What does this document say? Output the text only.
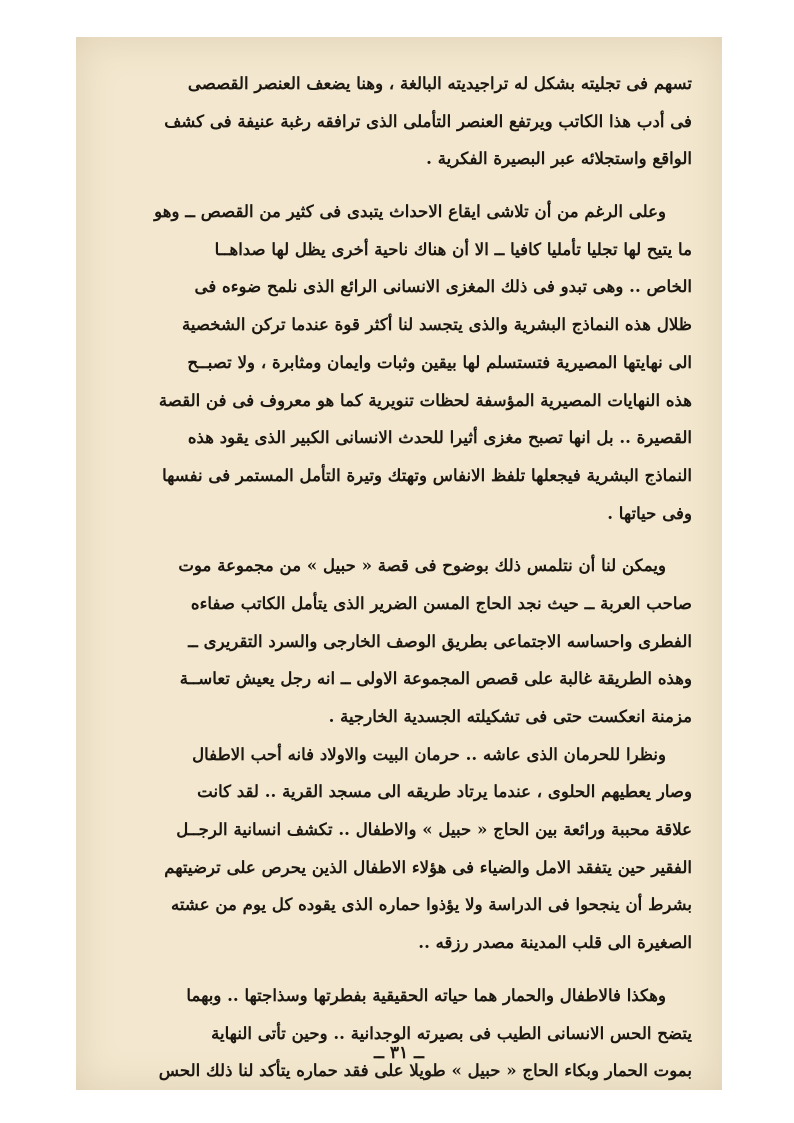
تسهم فى تجليته بشكل له تراجيديته البالغة ، وهنا يضعف العنصر القصصى
فى أدب هذا الكاتب ويرتفع العنصر التأملى الذى ترافقه رغبة عنيفة فى كشف
الواقع واستجلائه عبر البصيرة الفكرية .
وعلى الرغم من أن تلاشى ايقاع الاحداث يتبدى فى كثير من القصص ــ وهو
ما يتيح لها تجليا تأمليا كافيا ــ الا أن هناك ناحية أخرى يظل لها صداهــا
الخاص .. وهى تبدو فى ذلك المغزى الانسانى الرائع الذى نلمح ضوءه فى
ظلال هذه النماذج البشرية والذى يتجسد لنا أكثر قوة عندما تركن الشخصية
الى نهايتها المصيرية فتستسلم لها بيقين وثبات وايمان ومثابرة ، ولا تصبــح
هذه النهايات المصيرية المؤسفة لحظات تنويرية كما هو معروف فى فن القصة
القصيرة .. بل انها تصبح مغزى أثيرا للحدث الانسانى الكبير الذى يقود هذه
النماذج البشرية فيجعلها تلفظ الانفاس وتهتك وتيرة التأمل المستمر فى نفسها
وفى حياتها .
ويمكن لنا أن نتلمس ذلك بوضوح فى قصة « حبيل » من مجموعة موت
صاحب العربة ــ حيث نجد الحاج المسن الضرير الذى يتأمل الكاتب صفاءه
الفطرى واحساسه الاجتماعى بطريق الوصف الخارجى والسرد التقريرى ــ
وهذه الطريقة غالبة على قصص المجموعة الاولى ــ انه رجل يعيش تعاســة
مزمنة انعكست حتى فى تشكيلته الجسدية الخارجية .
ونظرا للحرمان الذى عاشه .. حرمان البيت والاولاد فانه أحب الاطفال
وصار يعطيهم الحلوى ، عندما يرتاد طريقه الى مسجد القرية .. لقد كانت
علاقة محببة ورائعة بين الحاج « حبيل » والاطفال .. تكشف انسانية الرجــل
الفقير حين يتفقد الامل والضياء فى هؤلاء الاطفال الذين يحرص على ترضيتهم
بشرط أن ينجحوا فى الدراسة ولا يؤذوا حماره الذى يقوده كل يوم من عشته
الصغيرة الى قلب المدينة مصدر رزقه ..
وهكذا فالاطفال والحمار هما حياته الحقيقية بفطرتها وسذاجتها .. وبهما
يتضح الحس الانسانى الطيب فى بصيرته الوجدانية .. وحين تأتى النهاية
بموت الحمار وبكاء الحاج « حبيل » طويلا على فقد حماره يتأكد لنا ذلك الحس
ــ ٣١ ــ
